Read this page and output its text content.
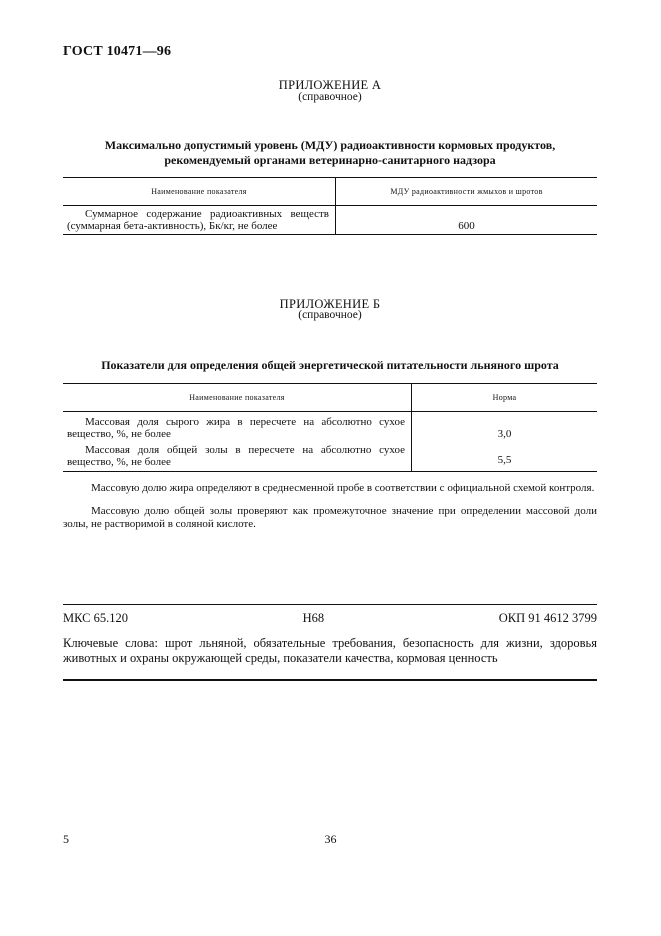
ГОСТ 10471—96
ПРИЛОЖЕНИЕ А
(справочное)
Максимально допустимый уровень (МДУ) радиоактивности кормовых продуктов,
рекомендуемый органами ветеринарно-санитарного надзора
Наименование показателя	МДУ радиоактивности жмыхов и шротов

Суммарное содержание радиоактивных веществ (суммарная бета-активность), Бк/кг, не более	600
ПРИЛОЖЕНИЕ Б
(справочное)
Показатели для определения общей энергетической питательности льняного шрота
Наименование показателя	Норма

Массовая доля сырого жира в пересчете на абсолютно сухое вещество, %, не более	3,0

Массовая доля общей золы в пересчете на абсолютно сухое вещество, %, не более	5,5
Массовую долю жира определяют в среднесменной пробе в соответствии с официальной схемой контроля.
Массовую долю общей золы проверяют как промежуточное значение при определении массовой доли золы, не растворимой в соляной кислоте.
МКС 65.120	Н68	ОКП 91 4612 3799
Ключевые слова: шрот льняной, обязательные требования, безопасность для жизни, здоровья животных и охраны окружающей среды, показатели качества, кормовая ценность
5	36
